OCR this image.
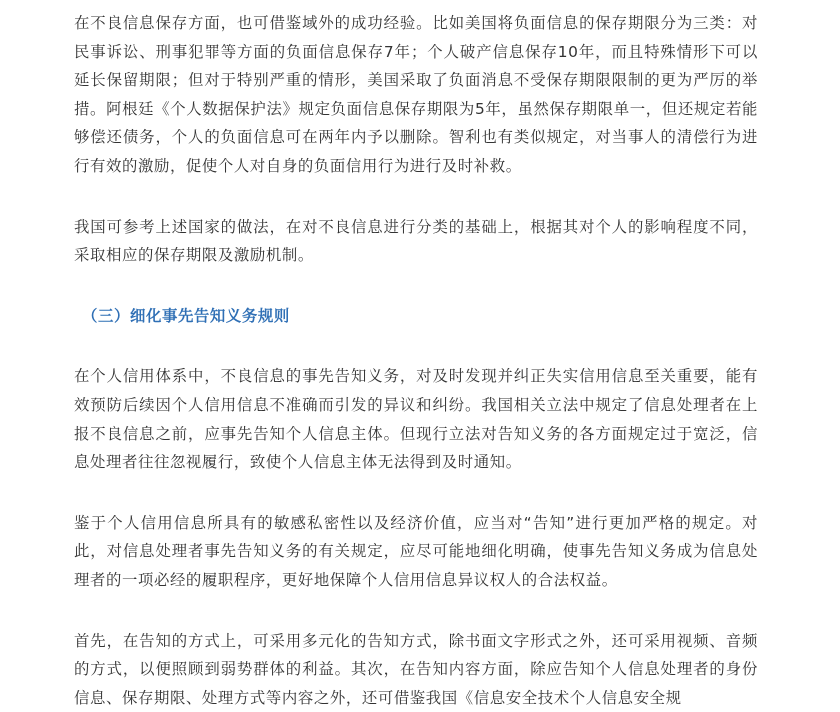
在不良信息保存方面，也可借鉴域外的成功经验。比如美国将负面信息的保存期限分为三类：对民事诉讼、刑事犯罪等方面的负面信息保存7年；个人破产信息保存10年，而且特殊情形下可以延长保留期限；但对于特别严重的情形，美国采取了负面消息不受保存期限限制的更为严厉的举措。阿根廷《个人数据保护法》规定负面信息保存期限为5年，虽然保存期限单一，但还规定若能够偿还债务，个人的负面信息可在两年内予以删除。智利也有类似规定，对当事人的清偿行为进行有效的激励，促使个人对自身的负面信用行为进行及时补救。

我国可参考上述国家的做法，在对不良信息进行分类的基础上，根据其对个人的影响程度不同，采取相应的保存期限及激励机制。

（三）细化事先告知义务规则

在个人信用体系中，不良信息的事先告知义务，对及时发现并纠正失实信用信息至关重要，能有效预防后续因个人信用信息不准确而引发的异议和纠纷。我国相关立法中规定了信息处理者在上报不良信息之前，应事先告知个人信息主体。但现行立法对告知义务的各方面规定过于宽泛，信息处理者往往忽视履行，致使个人信息主体无法得到及时通知。

鉴于个人信用信息所具有的敏感私密性以及经济价值，应当对“告知”进行更加严格的规定。对此，对信息处理者事先告知义务的有关规定，应尽可能地细化明确，使事先告知义务成为信息处理者的一项必经的履职程序，更好地保障个人信用信息异议权人的合法权益。

首先，在告知的方式上，可采用多元化的告知方式，除书面文字形式之外，还可采用视频、音频的方式，以便照顾到弱势群体的利益。其次，在告知内容方面，除应告知个人信息处理者的身份信息、保存期限、处理方式等内容之外，还可借鉴我国《信息安全技术个人信息安全规
